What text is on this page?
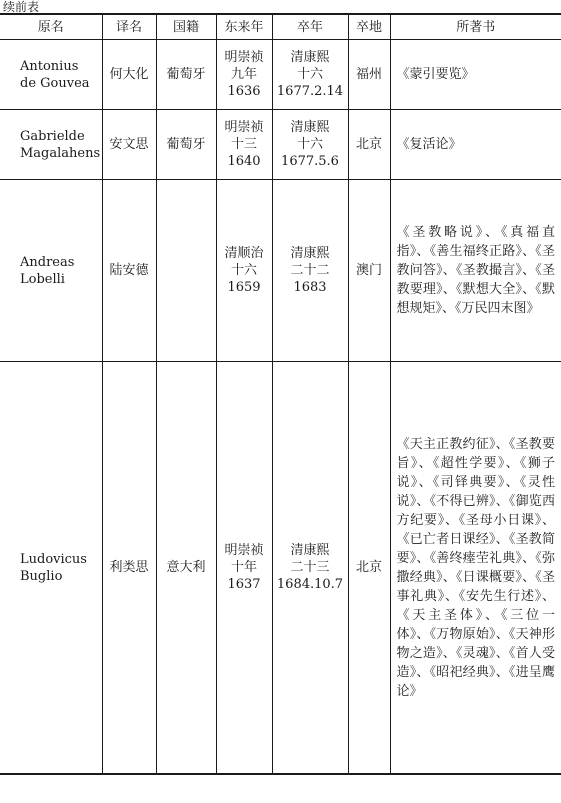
续前表
原名	译名	国籍	东来年	卒年	卒地	所著书

Antonius
de Gouvea	何大化	葡萄牙	明崇祯
九年
1636	清康熙
十六
1677.2.14	福州	《蒙引要览》

Gabrielde
Magalahens	安文思	葡萄牙	明崇祯
十三
1640	清康熙
十六
1677.5.6	北京	《复活论》

Andreas
Lobelli	陆安德		清顺治
十六
1659	清康熙
二十二
1683	澳门	《圣教略说》、《真福直指》、《善生福终正路》、《圣教问答》、《圣教撮言》、《圣教要理》、《默想大全》、《默想规矩》、《万民四末图》

Ludovicus
Buglio	利类思	意大利	明崇祯
十年
1637	清康熙
二十三
1684.10.7	北京	《天主正教约征》、《圣教要旨》、《超性学要》、《狮子说》、《司铎典要》、《灵性说》、《不得已辨》、《御览西方纪要》、《圣母小日课》、《已亡者日课经》、《圣教简要》、《善终瘗茔礼典》、《弥撒经典》、《日课概要》、《圣事礼典》、《安先生行述》、《天主圣体》、《三位一体》、《万物原始》、《天神形物之造》、《灵魂》、《首人受造》、《昭祀经典》、《进呈鹰论》
